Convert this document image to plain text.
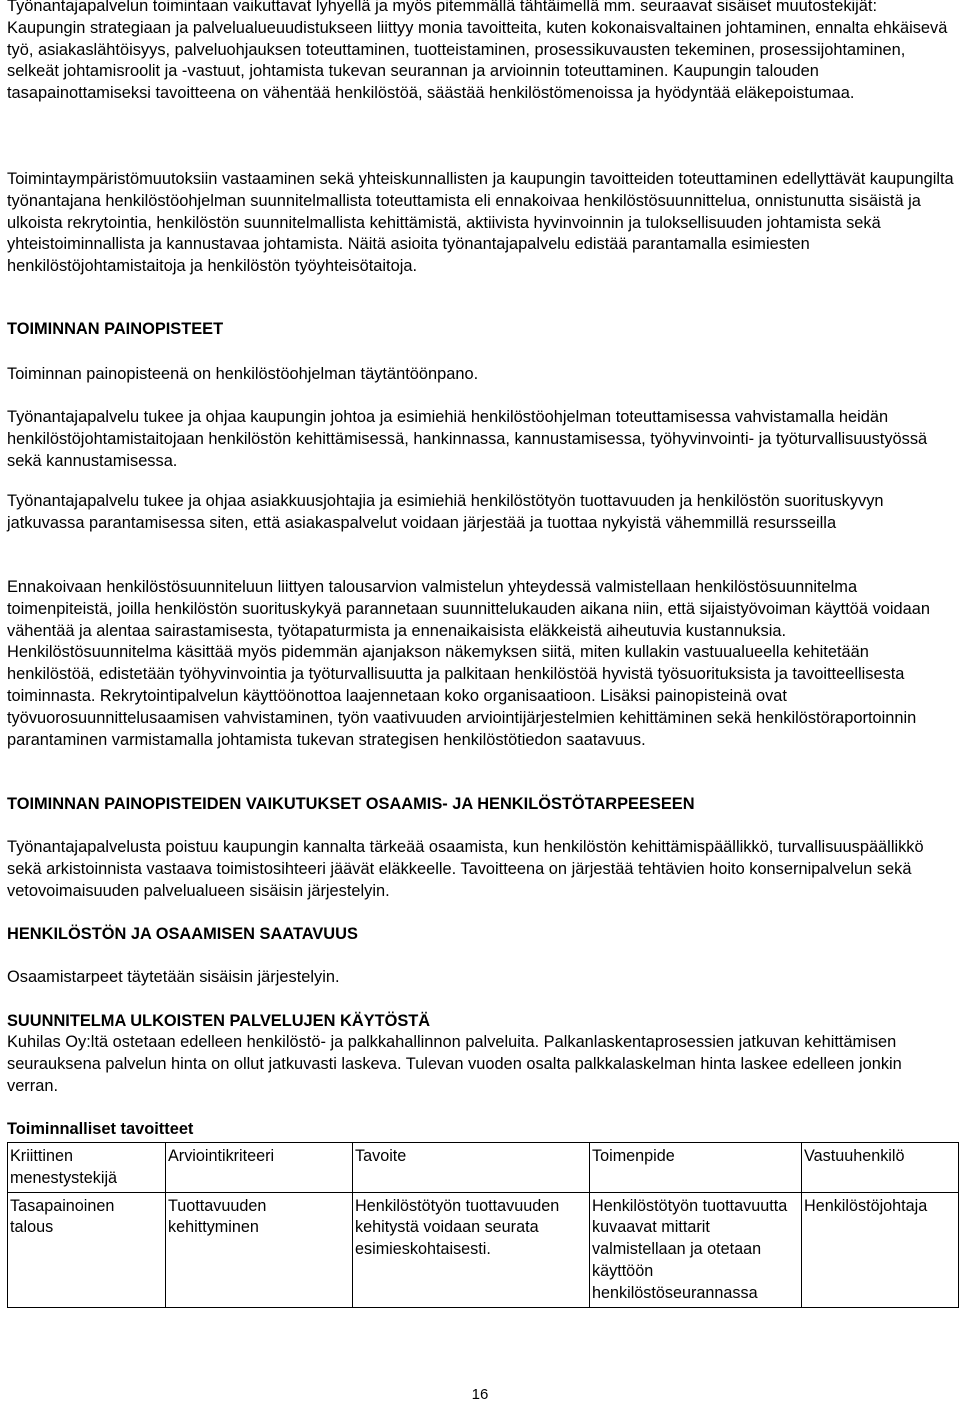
Työnantajapalvelun toimintaan vaikuttavat lyhyellä ja myös pitemmällä tähtäimellä mm. seuraavat sisäiset muutostekijät:

Kaupungin strategiaan ja palvelualueuudistukseen liittyy monia tavoitteita, kuten kokonaisvaltainen johtaminen, ennalta ehkäisevä työ, asiakaslähtöisyys, palveluohjauksen toteuttaminen, tuotteistaminen, prosessikuvausten tekeminen, prosessijohtaminen, selkeät johtamisroolit ja -vastuut, johtamista tukevan seurannan ja arvioinnin toteuttaminen. Kaupungin talouden tasapainottamiseksi tavoitteena on vähentää henkilöstöä, säästää henkilöstömenoissa ja hyödyntää eläkepoistumaa.

Toimintaympäristömuutoksiin vastaaminen sekä yhteiskunnallisten ja kaupungin tavoitteiden toteuttaminen edellyttävät kaupungilta työnantajana henkilöstöohjelman suunnitelmallista toteuttamista eli ennakoivaa henkilöstösuunnittelua, onnistunutta sisäistä ja ulkoista rekrytointia, henkilöstön suunnitelmallista kehittämistä, aktiivista hyvinvoinnin ja tuloksellisuuden johtamista sekä yhteistoiminnallista ja kannustavaa johtamista. Näitä asioita työnantajapalvelu edistää parantamalla esimiesten henkilöstöjohtamistaitoja ja henkilöstön työyhteisötaitoja.

TOIMINNAN PAINOPISTEET

Toiminnan painopisteenä on henkilöstöohjelman täytäntöönpano.

Työnantajapalvelu tukee ja ohjaa kaupungin johtoa ja esimiehiä henkilöstöohjelman toteuttamisessa vahvistamalla heidän henkilöstöjohtamistaitojaan henkilöstön kehittämisessä, hankinnassa, kannustamisessa, työhyvinvointi- ja työturvallisuustyössä sekä kannustamisessa.

Työnantajapalvelu tukee ja ohjaa asiakkuusjohtajia ja esimiehiä henkilöstötyön tuottavuuden ja henkilöstön suorituskyvyn jatkuvassa parantamisessa siten, että asiakaspalvelut voidaan järjestää ja tuottaa nykyistä vähemmillä resursseilla

Ennakoivaan henkilöstösuunniteluun liittyen talousarvion valmistelun yhteydessä valmistellaan henkilöstösuunnitelma toimenpiteistä, joilla henkilöstön suorituskykyä parannetaan suunnittelukauden aikana niin, että sijaistyövoiman käyttöä voidaan vähentää ja alentaa sairastamisesta, työtapaturmista ja ennenaikaisista eläkkeistä aiheutuvia kustannuksia. Henkilöstösuunnitelma käsittää myös pidemmän ajanjakson näkemyksen siitä, miten kullakin vastuualueella kehitetään henkilöstöä, edistetään työhyvinvointia ja työturvallisuutta ja palkitaan henkilöstöä hyvistä työsuorituksista ja tavoitteellisesta toiminnasta. Rekrytointipalvelun käyttöönottoa laajennetaan koko organisaatioon. Lisäksi painopisteinä ovat työvuorosuunnittelusaamisen vahvistaminen, työn vaativuuden arviointijärjestelmien kehittäminen sekä henkilöstöraportoinnin parantaminen varmistamalla johtamista tukevan strategisen henkilöstötiedon saatavuus.

TOIMINNAN PAINOPISTEIDEN VAIKUTUKSET OSAAMIS- JA HENKILÖSTÖTARPEESEEN

Työnantajapalvelusta poistuu kaupungin kannalta tärkeää osaamista, kun henkilöstön kehittämispäällikkö, turvallisuuspäällikkö sekä arkistoinnista vastaava toimistosihteeri jäävät eläkkeelle. Tavoitteena on järjestää tehtävien hoito konsernipalvelun sekä vetovoimaisuuden palvelualueen sisäisin järjestelyin.

HENKILÖSTÖN JA OSAAMISEN SAATAVUUS

Osaamistarpeet täytetään sisäisin järjestelyin.

SUUNNITELMA ULKOISTEN PALVELUJEN KÄYTÖSTÄ

Kuhilas Oy:ltä ostetaan edelleen henkilöstö- ja palkkahallinnon palveluita. Palkanlaskentaprosessien jatkuvan kehittämisen seurauksena palvelun hinta on ollut jatkuvasti laskeva. Tulevan vuoden osalta palkkalaskelman hinta laskee edelleen jonkin verran.

Toiminnalliset tavoitteet
Kriittinen menestystekijä	Arviointikriteeri	Tavoite	Toimenpide	Vastuuhenkilö
Tasapainoinen talous	Tuottavuuden kehittyminen	Henkilöstötyön tuottavuuden kehitystä voidaan seurata esimieskohtaisesti.	Henkilöstötyön tuottavuutta kuvaavat mittarit valmistellaan ja otetaan käyttöön henkilöstöseurannassa	Henkilöstöjohtaja
16
